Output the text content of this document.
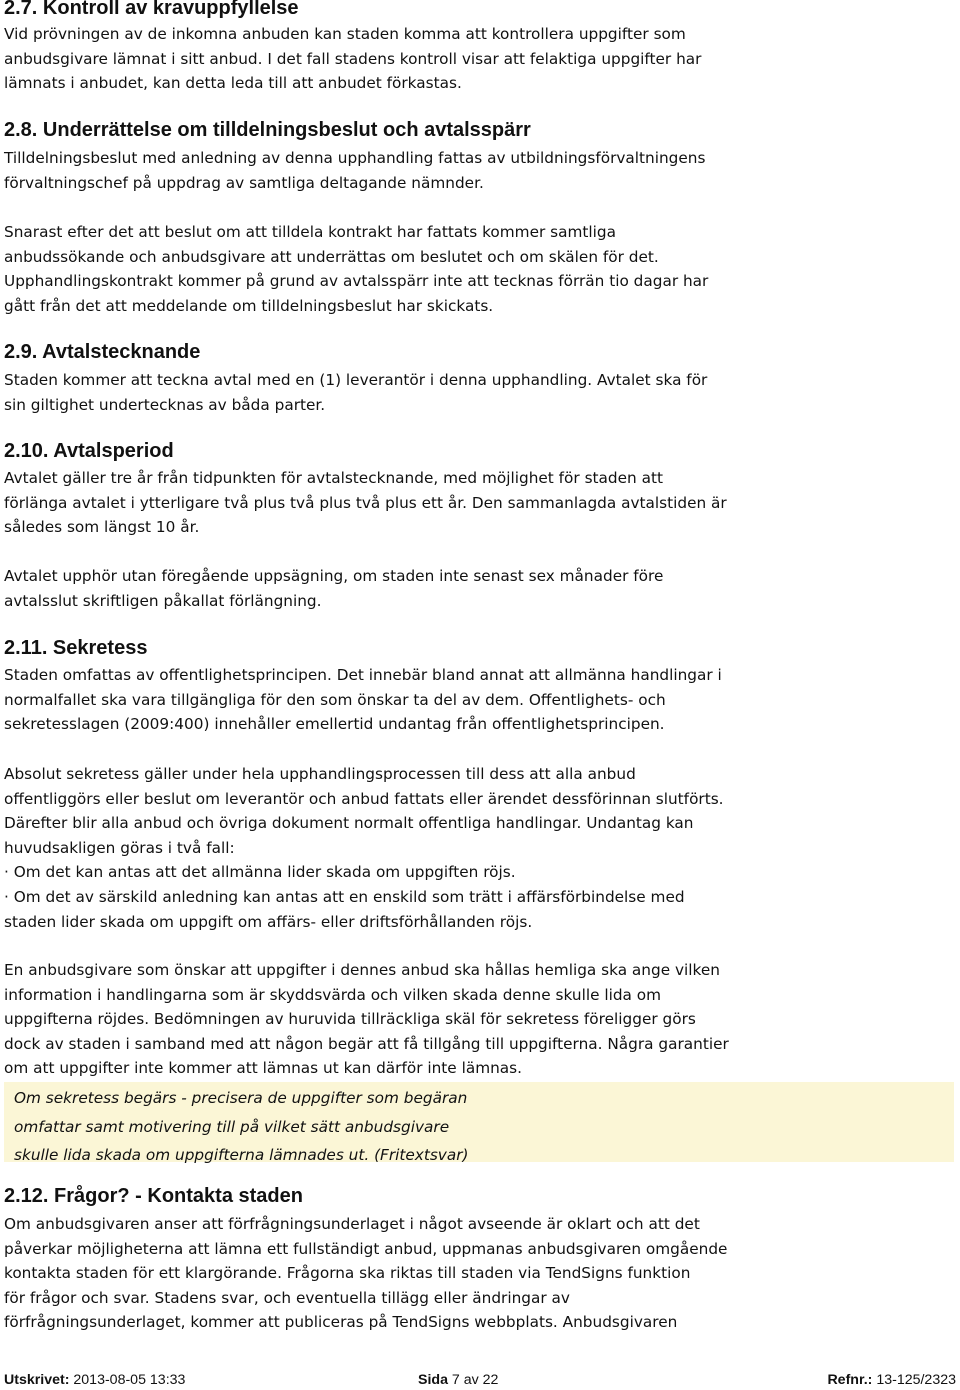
2.7. Kontroll av kravuppfyllelse
Vid prövningen av de inkomna anbuden kan staden komma att kontrollera uppgifter som
anbudsgivare lämnat i sitt anbud. I det fall stadens kontroll visar att felaktiga uppgifter har
lämnats i anbudet, kan detta leda till att anbudet förkastas.
2.8. Underrättelse om tilldelningsbeslut och avtalsspärr
Tilldelningsbeslut med anledning av denna upphandling fattas av utbildningsförvaltningens
förvaltningschef på uppdrag av samtliga deltagande nämnder.
Snarast efter det att beslut om att tilldela kontrakt har fattats kommer samtliga
anbudssökande och anbudsgivare att underrättas om beslutet och om skälen för det.
Upphandlingskontrakt kommer på grund av avtalsspärr inte att tecknas förrän tio dagar har
gått från det att meddelande om tilldelningsbeslut har skickats.
2.9. Avtalstecknande
Staden kommer att teckna avtal med en (1) leverantör i denna upphandling. Avtalet ska för
sin giltighet undertecknas av båda parter.
2.10. Avtalsperiod
Avtalet gäller tre år från tidpunkten för avtalstecknande, med möjlighet för staden att
förlänga avtalet i ytterligare två plus två plus två plus ett år. Den sammanlagda avtalstiden är
således som längst 10 år.
Avtalet upphör utan föregående uppsägning, om staden inte senast sex månader före
avtalsslut skriftligen påkallat förlängning.
2.11. Sekretess
Staden omfattas av offentlighetsprincipen. Det innebär bland annat att allmänna handlingar i
normalfallet ska vara tillgängliga för den som önskar ta del av dem. Offentlighets- och
sekretesslagen (2009:400) innehåller emellertid undantag från offentlighetsprincipen.
Absolut sekretess gäller under hela upphandlingsprocessen till dess att alla anbud
offentliggörs eller beslut om leverantör och anbud fattats eller ärendet dessförinnan slutförts.
Därefter blir alla anbud och övriga dokument normalt offentliga handlingar. Undantag kan
huvudsakligen göras i två fall:
· Om det kan antas att det allmänna lider skada om uppgiften röjs.
· Om det av särskild anledning kan antas att en enskild som trätt i affärsförbindelse med
staden lider skada om uppgift om affärs- eller driftsförhållanden röjs.
En anbudsgivare som önskar att uppgifter i dennes anbud ska hållas hemliga ska ange vilken
information i handlingarna som är skyddsvärda och vilken skada denne skulle lida om
uppgifterna röjdes. Bedömningen av huruvida tillräckliga skäl för sekretess föreligger görs
dock av staden i samband med att någon begär att få tillgång till uppgifterna. Några garantier
om att uppgifter inte kommer att lämnas ut kan därför inte lämnas.
2.12. Frågor? - Kontakta staden
Om anbudsgivaren anser att förfrågningsunderlaget i något avseende är oklart och att det
påverkar möjligheterna att lämna ett fullständigt anbud, uppmanas anbudsgivaren omgående
kontakta staden för ett klargörande. Frågorna ska riktas till staden via TendSigns funktion
för frågor och svar. Stadens svar, och eventuella tillägg eller ändringar av
förfrågningsunderlaget, kommer att publiceras på TendSigns webbplats. Anbudsgivaren
Om sekretess begärs - precisera de uppgifter som begäran
omfattar samt motivering till på vilket sätt anbudsgivare
skulle lida skada om uppgifterna lämnades ut. (Fritextsvar)
Utskrivet: 2013-08-05 13:33	Sida 7 av 22	Refnr.: 13-125/2323
